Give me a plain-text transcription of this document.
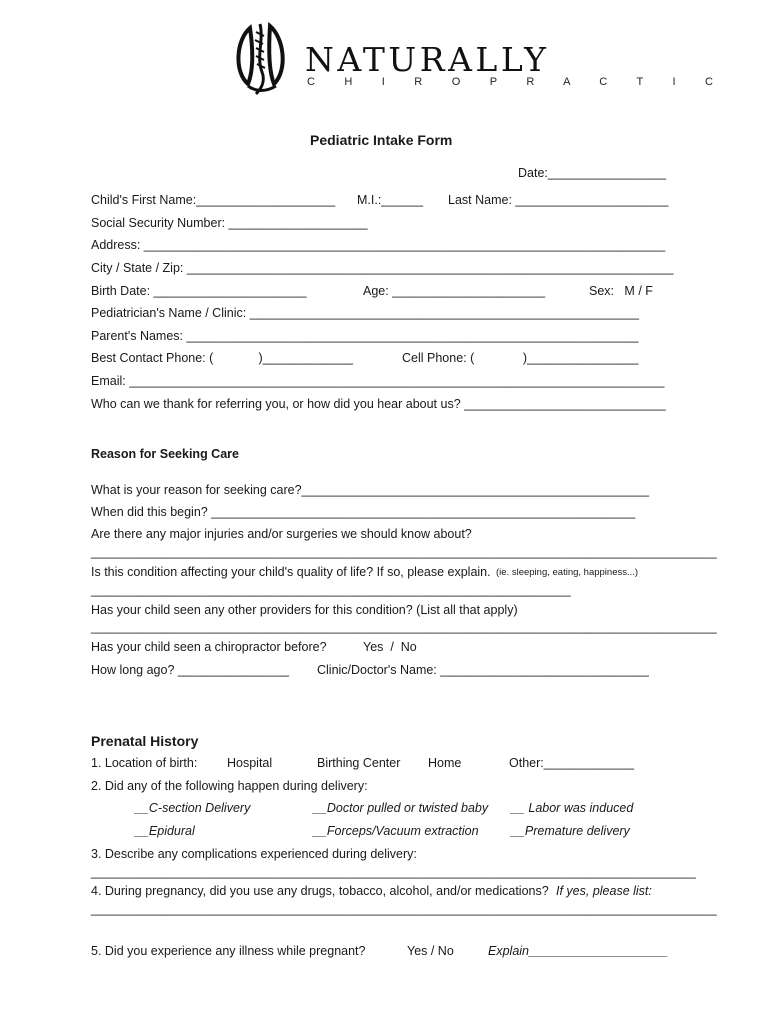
NATURALLY
C H I R O P R A C T I C
Pediatric Intake Form
Date:_________________
Child's First Name:____________________ M.I.:______ Last Name: ______________________
Social Security Number: ____________________
Address: ___________________________________________________________________________
City / State / Zip: ______________________________________________________________________
Birth Date: ______________________	Age: ______________________	Sex:   M / F
Pediatrician's Name / Clinic: ________________________________________________________
Parent's Names: _________________________________________________________________
Best Contact Phone: (             )_____________	Cell Phone: (              )________________
Email: _____________________________________________________________________________
Who can we thank for referring you, or how did you hear about us? _____________________________
Reason for Seeking Care
What is your reason for seeking care?__________________________________________________
When did this begin? _____________________________________________________________
Are there any major injuries and/or surgeries we should know about?
__________________________________________________________________________________________
Is this condition affecting your child's quality of life? If so, please explain. (ie. sleeping, eating, happiness...)
_____________________________________________________________________
Has your child seen any other providers for this condition? (List all that apply)
__________________________________________________________________________________________
Has your child seen a chiropractor before?	Yes  /  No
How long ago? ________________ Clinic/Doctor's Name: ______________________________
Prenatal History
1. Location of birth: Hospital	Birthing Center Home	Other:_____________
2. Did any of the following happen during delivery:
__C-section Delivery	__Doctor pulled or twisted baby __ Labor was induced
__Epidural	__Forceps/Vacuum extraction	__Premature delivery
3. Describe any complications experienced during delivery:
_______________________________________________________________________________________
4. During pregnancy, did you use any drugs, tobacco, alcohol, and/or medications? If yes, please list:
__________________________________________________________________________________________
5. Did you experience any illness while pregnant?	Yes / No	Explain____________________
